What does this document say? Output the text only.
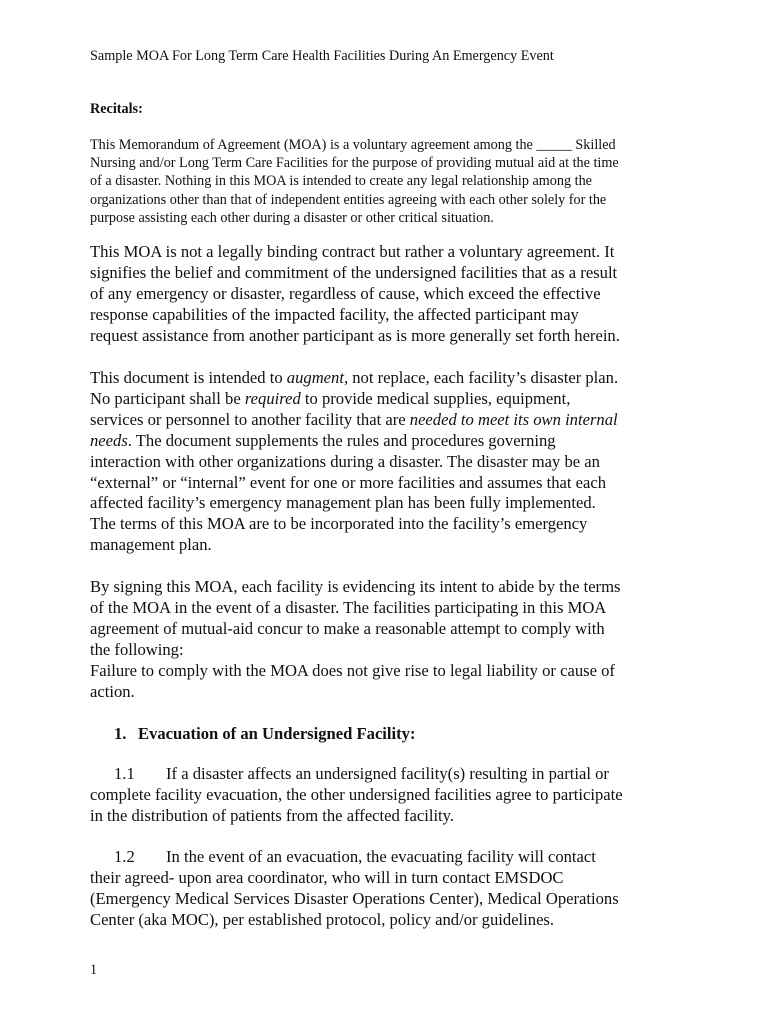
Sample MOA For Long Term Care Health Facilities During An Emergency Event
Recitals:
This Memorandum of Agreement (MOA) is a voluntary agreement among the _____ Skilled
Nursing and/or Long Term Care Facilities for the purpose of providing mutual aid at the time
of a disaster. Nothing in this MOA is intended to create any legal relationship among the
organizations other than that of independent entities agreeing with each other solely for the
purpose assisting each other during a disaster or other critical situation.
This MOA is not a legally binding contract but rather a voluntary agreement. It
signifies the belief and commitment of the undersigned facilities that as a result
of any emergency or disaster, regardless of cause, which exceed the effective
response capabilities of the impacted facility, the affected participant may
request assistance from another participant as is more generally set forth herein.
This document is intended to augment, not replace, each facility’s disaster plan.
No participant shall be required to provide medical supplies, equipment,
services or personnel to another facility that are needed to meet its own internal
needs. The document supplements the rules and procedures governing
interaction with other organizations during a disaster. The disaster may be an
“external” or “internal” event for one or more facilities and assumes that each
affected facility’s emergency management plan has been fully implemented.
The terms of this MOA are to be incorporated into the facility’s emergency
management plan.
By signing this MOA, each facility is evidencing its intent to abide by the terms
of the MOA in the event of a disaster. The facilities participating in this MOA
agreement of mutual-aid concur to make a reasonable attempt to comply with
the following:
Failure to comply with the MOA does not give rise to legal liability or cause of
action.
1. Evacuation of an Undersigned Facility:
1.1 If a disaster affects an undersigned facility(s) resulting in partial or
complete facility evacuation, the other undersigned facilities agree to participate
in the distribution of patients from the affected facility.
1.2 In the event of an evacuation, the evacuating facility will contact
their agreed- upon area coordinator, who will in turn contact EMSDOC
(Emergency Medical Services Disaster Operations Center), Medical Operations
Center (aka MOC), per established protocol, policy and/or guidelines.
1
